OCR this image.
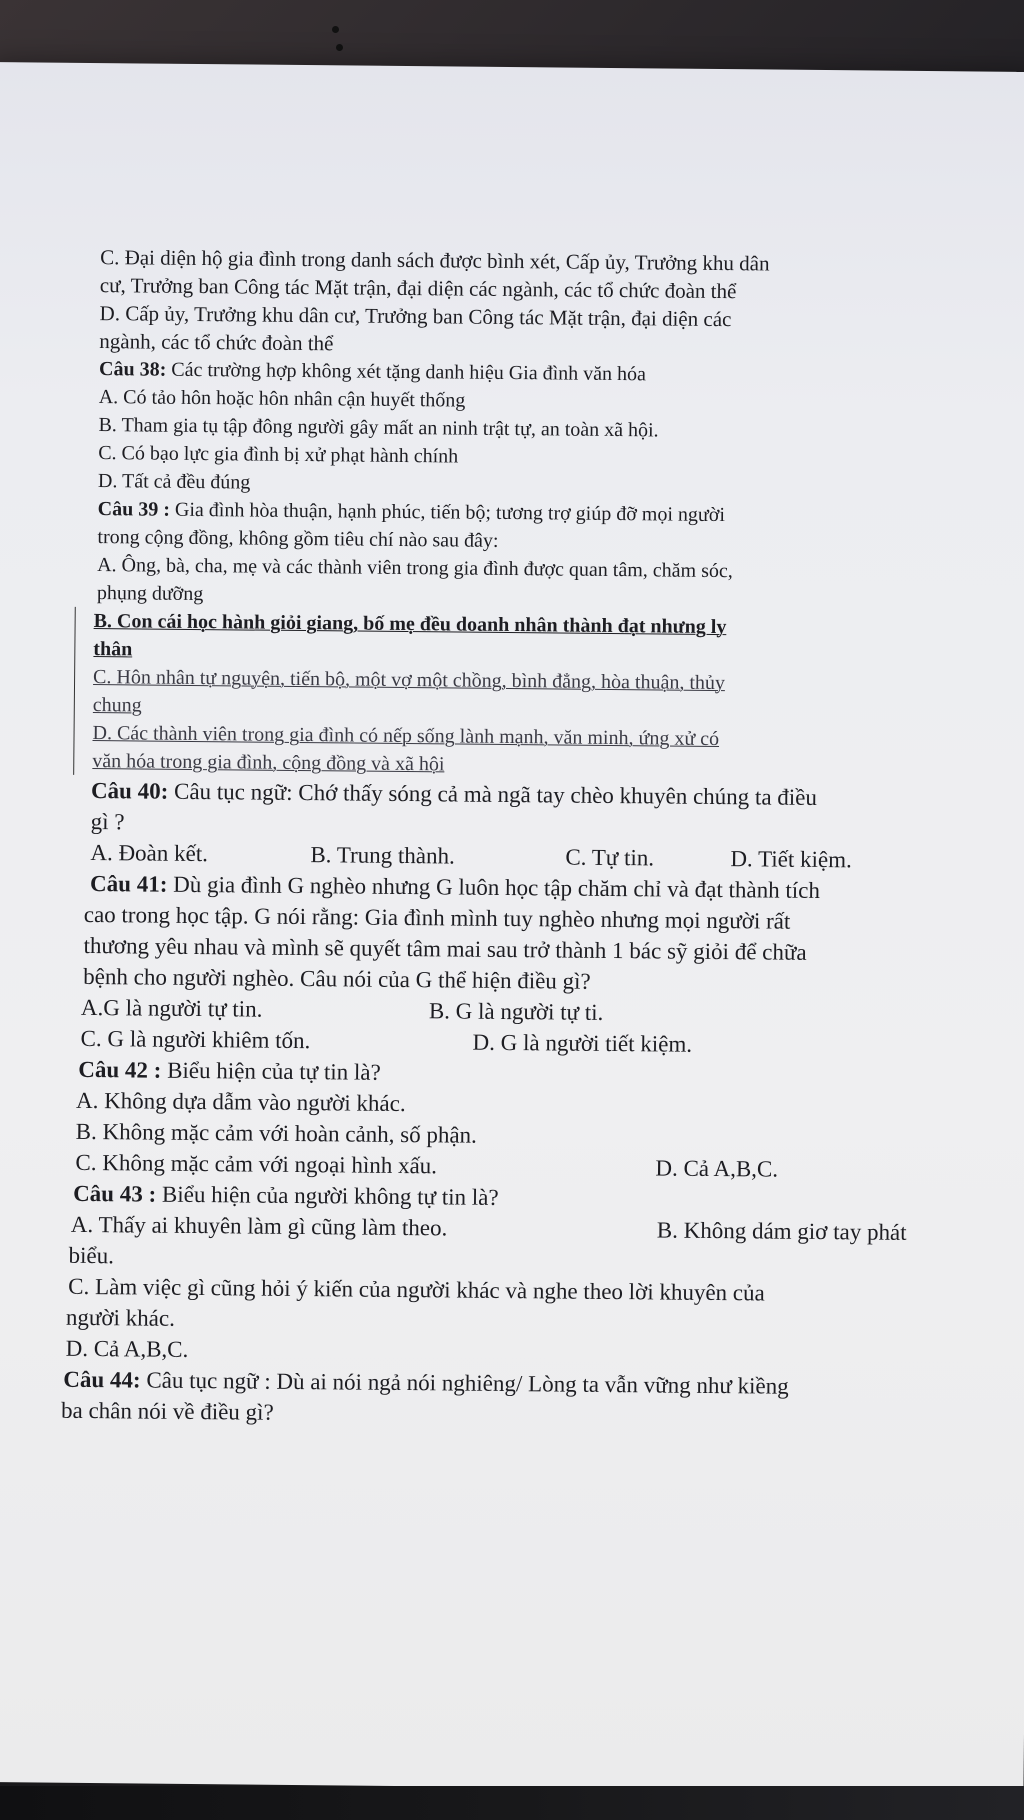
C. Đại diện hộ gia đình trong danh sách được bình xét, Cấp ủy, Trưởng khu dân
cư, Trưởng ban Công tác Mặt trận, đại diện các ngành, các tổ chức đoàn thể
D. Cấp ủy, Trưởng khu dân cư, Trưởng ban Công tác Mặt trận, đại diện các
ngành, các tổ chức đoàn thể
Câu 38: Các trường hợp không xét tặng danh hiệu Gia đình văn hóa
A. Có tảo hôn hoặc hôn nhân cận huyết thống
B. Tham gia tụ tập đông người gây mất an ninh trật tự, an toàn xã hội.
C. Có bạo lực gia đình bị xử phạt hành chính
D. Tất cả đều đúng
Câu 39 : Gia đình hòa thuận, hạnh phúc, tiến bộ; tương trợ giúp đỡ mọi người
trong cộng đồng, không gồm tiêu chí nào sau đây:
A. Ông, bà, cha, mẹ và các thành viên trong gia đình được quan tâm, chăm sóc,
phụng dưỡng
B. Con cái học hành giỏi giang, bố mẹ đều doanh nhân thành đạt nhưng ly
thân
C. Hôn nhân tự nguyện, tiến bộ, một vợ một chồng, bình đẳng, hòa thuận, thủy
chung
D. Các thành viên trong gia đình có nếp sống lành mạnh, văn minh, ứng xử có
văn hóa trong gia đình, cộng đồng và xã hội
Câu 40: Câu tục ngữ: Chớ thấy sóng cả mà ngã tay chèo khuyên chúng ta điều
gì ?
A. Đoàn kết.	B. Trung thành.	C. Tự tin.	D. Tiết kiệm.
Câu 41: Dù gia đình G nghèo nhưng G luôn học tập chăm chỉ và đạt thành tích
cao trong học tập. G nói rằng: Gia đình mình tuy nghèo nhưng mọi người rất
thương yêu nhau và mình sẽ quyết tâm mai sau trở thành 1 bác sỹ giỏi để chữa
bệnh cho người nghèo. Câu nói của G thể hiện điều gì?
A.G là người tự tin.	B. G là người tự ti.
C. G là người khiêm tốn.	D. G là người tiết kiệm.
Câu 42 : Biểu hiện của tự tin là?
A. Không dựa dẫm vào người khác.
B. Không mặc cảm với hoàn cảnh, số phận.
C. Không mặc cảm với ngoại hình xấu.	D. Cả A,B,C.
Câu 43 : Biểu hiện của người không tự tin là?
A. Thấy ai khuyên làm gì cũng làm theo.	B. Không dám giơ tay phát
biểu.
C. Làm việc gì cũng hỏi ý kiến của người khác và nghe theo lời khuyên của
người khác.
D. Cả A,B,C.
Câu 44: Câu tục ngữ : Dù ai nói ngả nói nghiêng/ Lòng ta vẫn vững như kiềng
ba chân nói về điều gì?
